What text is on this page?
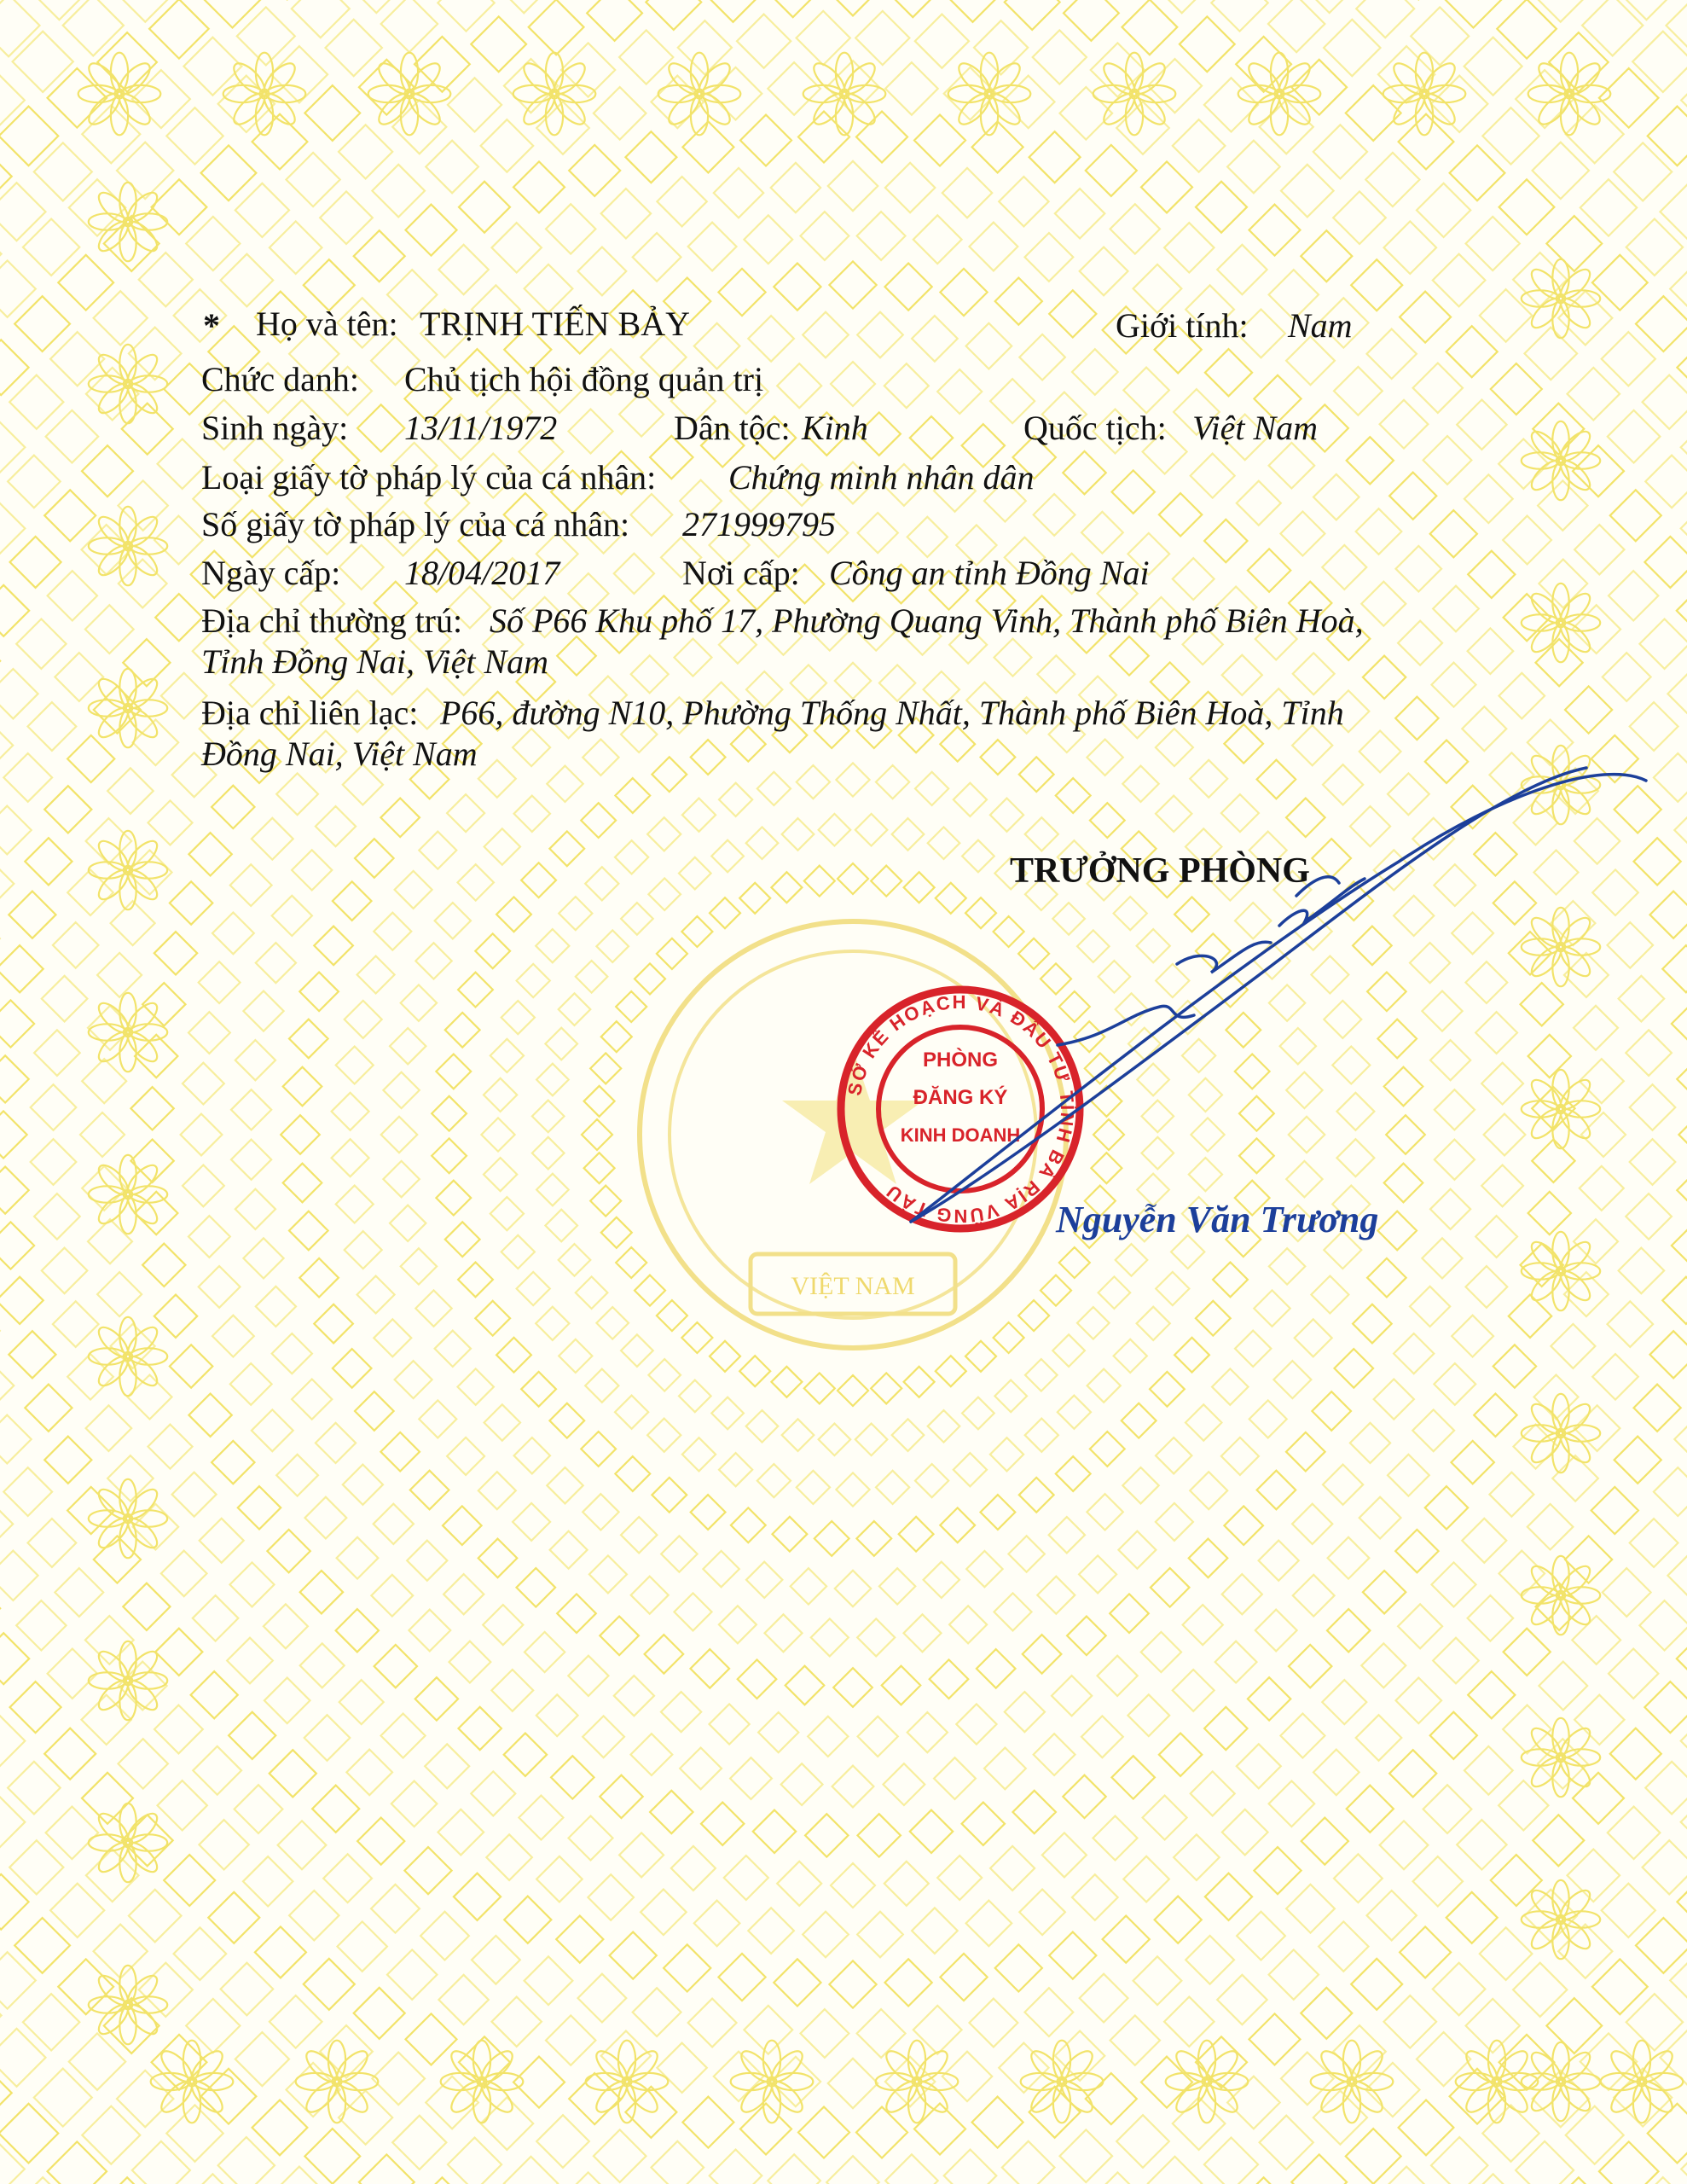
VIỆT NAM
* Họ và tên: TRỊNH TIẾN BẢY	Giới tính: Nam
Chức danh: Chủ tịch hội đồng quản trị
Sinh ngày: 13/11/1972	Dân tộc: Kinh	Quốc tịch: Việt Nam
Loại giấy tờ pháp lý của cá nhân: Chứng minh nhân dân
Số giấy tờ pháp lý của cá nhân: 271999795
Ngày cấp: 18/04/2017	Nơi cấp: Công an tỉnh Đồng Nai
Địa chỉ thường trú: Số P66 Khu phố 17, Phường Quang Vinh, Thành phố Biên Hoà,
Tỉnh Đồng Nai, Việt Nam
Địa chỉ liên lạc: P66, đường N10, Phường Thống Nhất, Thành phố Biên Hoà, Tỉnh
Đồng Nai, Việt Nam
TRƯỞNG PHÒNG
SỞ KẾ HOẠCH VÀ ĐẦU TƯ TỈNH BÀ RỊA VŨNG TÀU
PHÒNG
ĐĂNG KÝ
KINH DOANH
Nguyễn Văn Trương
